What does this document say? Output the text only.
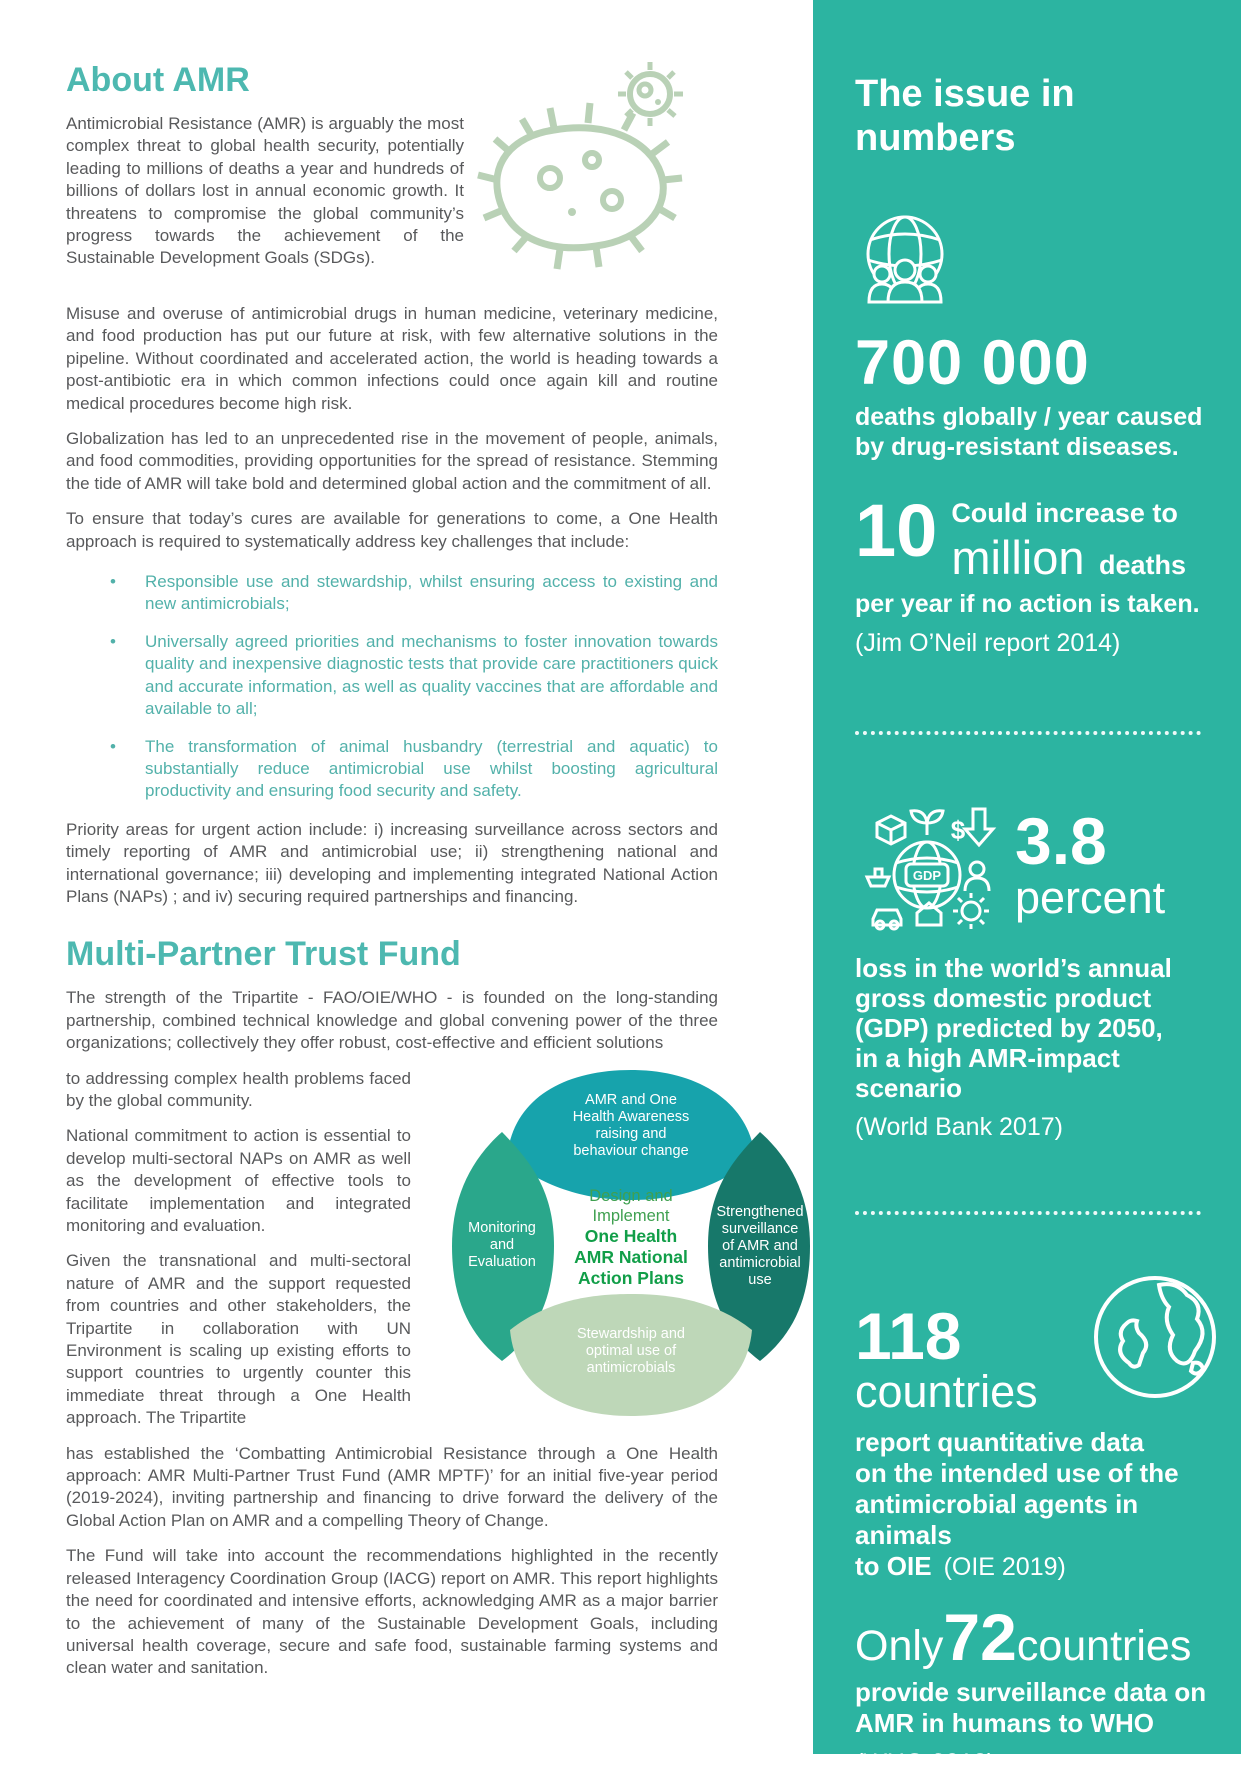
About AMR

Antimicrobial Resistance (AMR) is arguably the most complex threat to global health security, potentially leading to millions of deaths a year and hundreds of billions of dollars lost in annual economic growth. It threatens to compromise the global community’s progress towards the achievement of the Sustainable Development Goals (SDGs).

Misuse and overuse of antimicrobial drugs in human medicine, veterinary medicine, and food production has put our future at risk, with few alternative solutions in the pipeline. Without coordinated and accelerated action, the world is heading towards a post-antibiotic era in which common infections could once again kill and routine medical procedures become high risk.

Globalization has led to an unprecedented rise in the movement of people, animals, and food commodities, providing opportunities for the spread of resistance. Stemming the tide of AMR will take bold and determined global action and the commitment of all.

To ensure that today’s cures are available for generations to come, a One Health approach is required to systematically address key challenges that include:

• Responsible use and stewardship, whilst ensuring access to existing and new antimicrobials;
• Universally agreed priorities and mechanisms to foster innovation towards quality and inexpensive diagnostic tests that provide care practitioners quick and accurate information, as well as quality vaccines that are affordable and available to all;
• The transformation of animal husbandry (terrestrial and aquatic) to substantially reduce antimicrobial use whilst boosting agricultural productivity and ensuring food security and safety.

Priority areas for urgent action include: i) increasing surveillance across sectors and timely reporting of AMR and antimicrobial use; ii) strengthening national and international governance; iii) developing and implementing integrated National Action Plans (NAPs) ; and iv) securing required partnerships and financing.

Multi-Partner Trust Fund

The strength of the Tripartite - FAO/OIE/WHO - is founded on the long-standing partnership, combined technical knowledge and global convening power of the three organizations; collectively they offer robust, cost-effective and efficient solutions

to addressing complex health problems faced by the global community.

National commitment to action is essential to develop multi-sectoral NAPs on AMR as well as the development of effective tools to facilitate implementation and integrated monitoring and evaluation.

Given the transnational and multi-sectoral nature of AMR and the support requested from countries and other stakeholders, the Tripartite in collaboration with UN Environment is scaling up existing efforts to support countries to urgently counter this immediate threat through a One Health approach. The Tripartite

AMR and One
Health Awareness
raising and
behaviour change
Monitoring
and
Evaluation
Strengthened
surveillance
of AMR and
antimicrobial
use
Stewardship and
optimal use of
antimicrobials
Design and
Implement
One Health
AMR National
Action Plans

has established the ‘Combatting Antimicrobial Resistance through a One Health approach: AMR Multi-Partner Trust Fund (AMR MPTF)’ for an initial five-year period (2019-2024), inviting partnership and financing to drive forward the delivery of the Global Action Plan on AMR and a compelling Theory of Change.

The Fund will take into account the recommendations highlighted in the recently released Interagency Coordination Group (IACG) report on AMR. This report highlights the need for coordinated and intensive efforts, acknowledging AMR as a major barrier to the achievement of many of the Sustainable Development Goals, including universal health coverage, secure and safe food, sustainable farming systems and clean water and sanitation.

The issue in
numbers
700 000
deaths globally / year caused
by drug-resistant diseases.
10 Could increase to
million deaths
per year if no action is taken.
(Jim O’Neil report 2014)
GDP
$ 3.8
percent
loss in the world’s annual
gross domestic product
(GDP) predicted by 2050,
in a high AMR-impact
scenario
(World Bank 2017)
118
countries
report quantitative data
on the intended use of the
antimicrobial agents in animals
to OIE (OIE 2019)
Only72countries
provide surveillance data on
AMR in humans to WHO
(WHO 2018)
